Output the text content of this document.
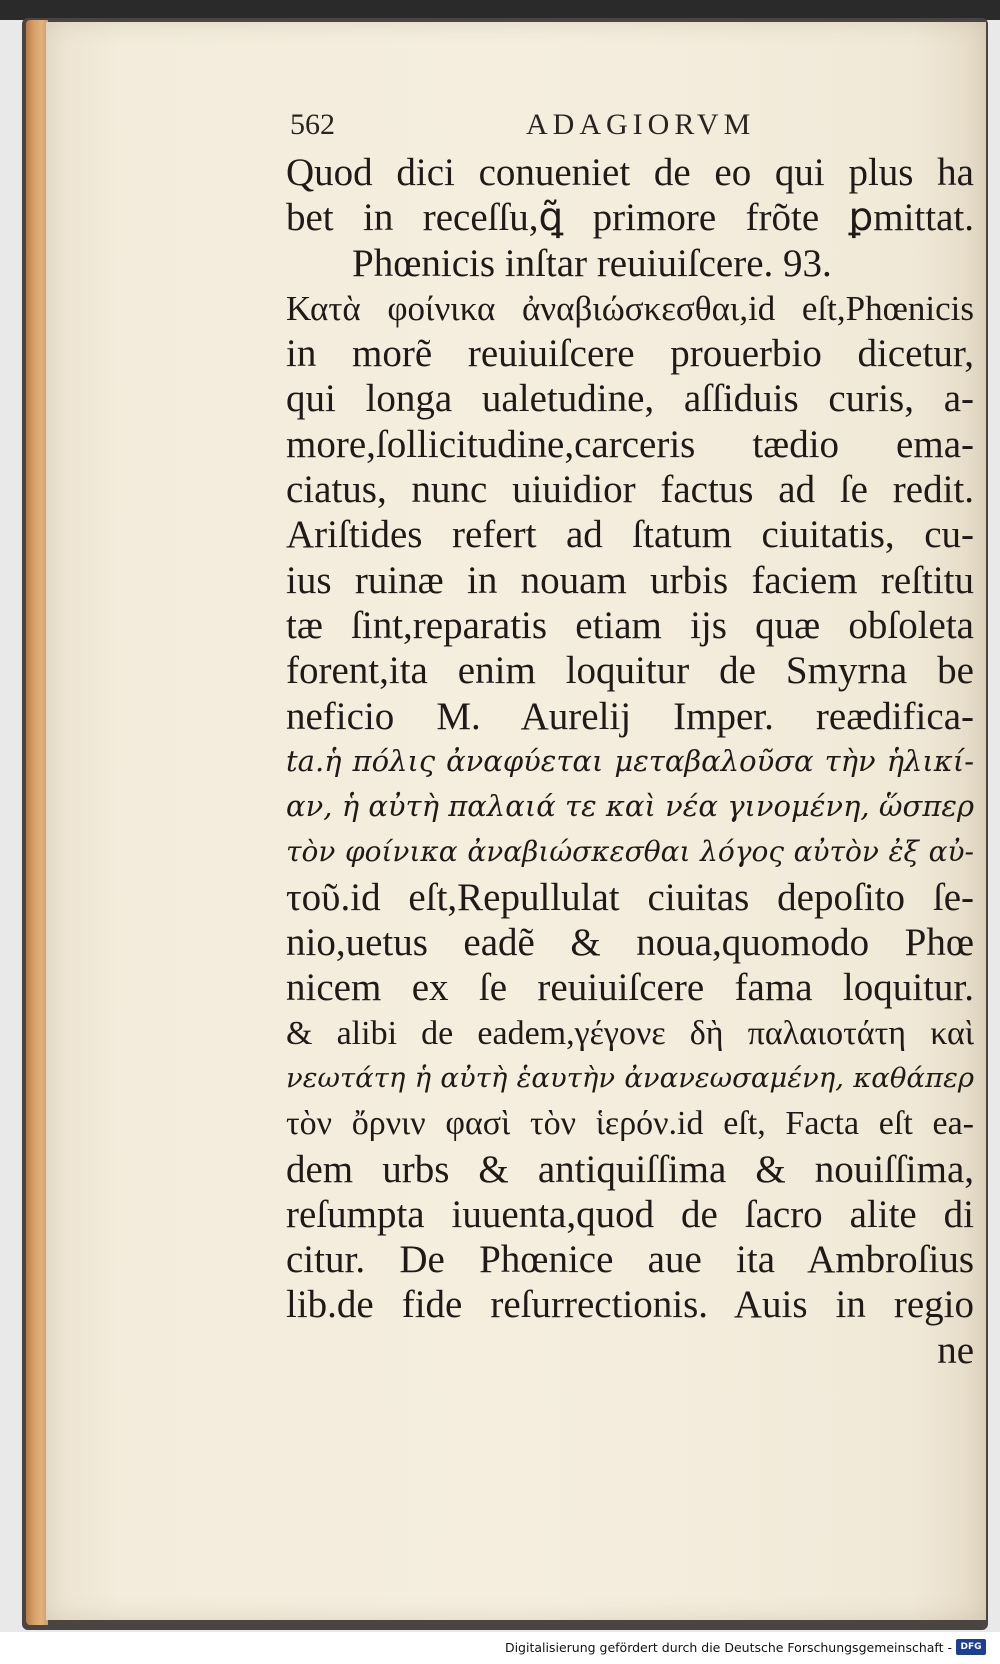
562	ADAGIORVM
Quod dici conueniet de eo qui plus ha
bet in receſſu,ꝗ̃ primore frõte ꝑmittat.
Phœnicis inſtar reuiuiſcere. 93.
Κατὰ φοίνικα ἀναβιώσκεσθαι,id eſt,Phœnicis
in morẽ reuiuiſcere prouerbio dicetur,
qui longa ualetudine, aſſiduis curis, a-
more,ſollicitudine,carceris tædio ema-
ciatus, nunc uiuidior factus ad ſe redit.
Ariſtides refert ad ſtatum ciuitatis, cu-
ius ruinæ in nouam urbis faciem reſtitu
tæ ſint,reparatis etiam ijs quæ obſoleta
forent,ita enim loquitur de Smyrna be
neficio M. Aurelij Imper. reædifica-
ta.ἡ πόλις ἀναφύεται μεταβαλοῦσα τὴν ἡλικί-
αν, ἡ αὐτὴ παλαιά τε καὶ νέα γινομένη, ὥσπερ
τὸν φοίνικα ἀναβιώσκεσθαι λόγος αὐτὸν ἐξ αὐ-
τοῦ.id eſt,Repullulat ciuitas depoſito ſe-
nio,uetus eadẽ & noua,quomodo Phœ
nicem ex ſe reuiuiſcere fama loquitur.
& alibi de eadem,γέγονε δὴ παλαιοτάτη καὶ
νεωτάτη ἡ αὐτὴ ἑαυτὴν ἀνανεωσαμένη, καθάπερ
τὸν ὄρνιν φασὶ τὸν ἱερόν.id eſt, Facta eſt ea-
dem urbs & antiquiſſima & nouiſſima,
reſumpta iuuenta,quod de ſacro alite di
citur. De Phœnice aue ita Ambroſius
lib.de fide reſurrectionis. Auis in regio
ne
Digitalisierung gefördert durch die Deutsche Forschungsgemeinschaft - DFG
